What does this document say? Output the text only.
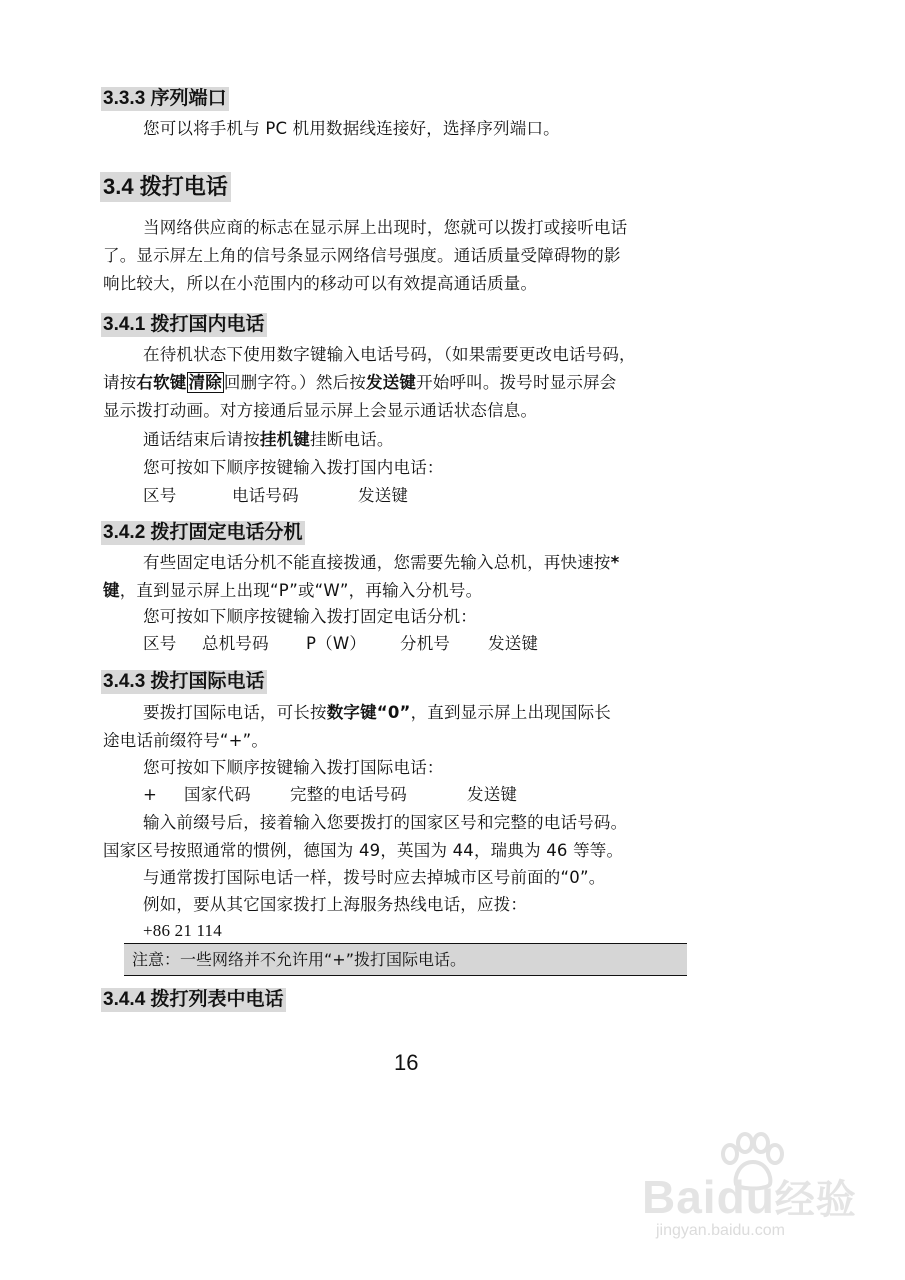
3.3.3 序列端口
您可以将手机与 PC 机用数据线连接好，选择序列端口。
3.4 拨打电话
当网络供应商的标志在显示屏上出现时，您就可以拨打或接听电话
了。显示屏左上角的信号条显示网络信号强度。通话质量受障碍物的影
响比较大，所以在小范围内的移动可以有效提高通话质量。
3.4.1 拨打国内电话
在待机状态下使用数字键输入电话号码，（如果需要更改电话号码，
请按右软键 清除 回删字符。）然后按发送键开始呼叫。拨号时显示屏会
显示拨打动画。对方接通后显示屏上会显示通话状态信息。
通话结束后请按挂机键挂断电话。
您可按如下顺序按键输入拨打国内电话：
区号	电话号码	发送键
3.4.2 拨打固定电话分机
有些固定电话分机不能直接拨通，您需要先输入总机，再快速按*
键，直到显示屏上出现“P”或“W”，再输入分机号。
您可按如下顺序按键输入拨打固定电话分机：
区号 总机号码 P（W） 分机号 发送键
3.4.3 拨打国际电话
要拨打国际电话，可长按数字键“0”，直到显示屏上出现国际长
途电话前缀符号“+”。
您可按如下顺序按键输入拨打国际电话：
+ 国家代码 完整的电话号码	发送键
输入前缀号后，接着输入您要拨打的国家区号和完整的电话号码。
国家区号按照通常的惯例，德国为 49，英国为 44，瑞典为 46 等等。
与通常拨打国际电话一样，拨号时应去掉城市区号前面的“0”。
例如，要从其它国家拨打上海服务热线电话，应拨：
+86 21 114
注意：一些网络并不允许用“+”拨打国际电话。
3.4.4 拨打列表中电话
16
Baidu经验
jingyan.baidu.com
